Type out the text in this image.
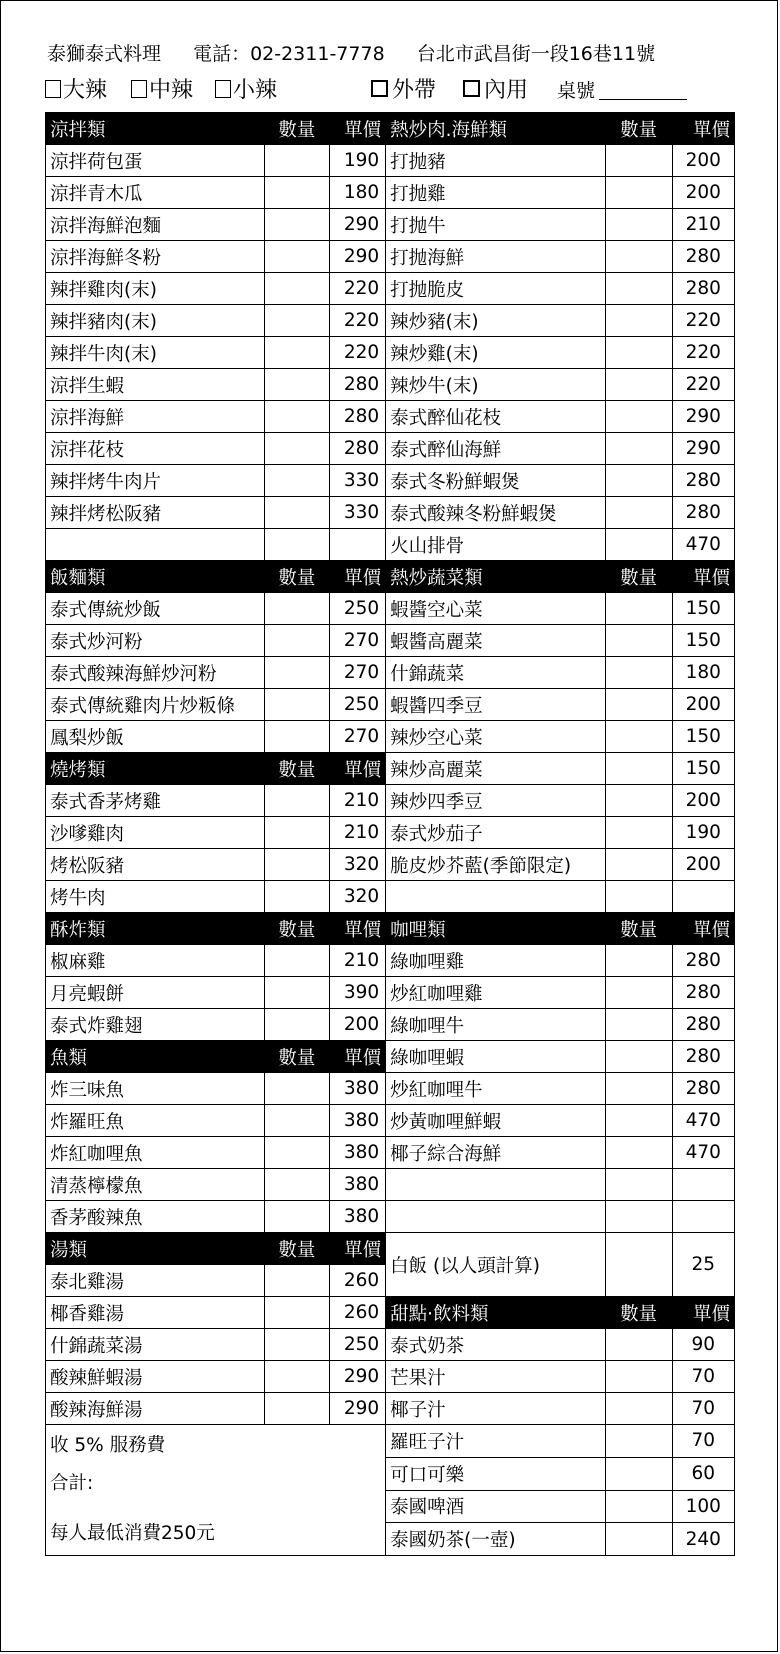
泰獅泰式料理 電話：02-2311-7778 台北市武昌街一段16巷11號
大辣 中辣 小辣	外帶 內用 桌號
涼拌類	數量	單價	熱炒肉.海鮮類	數量	單價
涼拌荷包蛋		190	打抛豬		200
涼拌青木瓜		180	打抛雞		200
涼拌海鮮泡麵		290	打抛牛		210
涼拌海鮮冬粉		290	打抛海鮮		280
辣拌雞肉(末)		220	打抛脆皮		280
辣拌豬肉(末)		220	辣炒豬(末)		220
辣拌牛肉(末)		220	辣炒雞(末)		220
涼拌生蝦		280	辣炒牛(末)		220
涼拌海鮮		280	泰式醉仙花枝		290
涼拌花枝		280	泰式醉仙海鮮		290
辣拌烤牛肉片		330	泰式冬粉鮮蝦煲		280
辣拌烤松阪豬		330	泰式酸辣冬粉鮮蝦煲		280
			火山排骨		470
飯麵類	數量	單價	熱炒蔬菜類	數量	單價
泰式傳統炒飯		250	蝦醬空心菜		150
泰式炒河粉		270	蝦醬高麗菜		150
泰式酸辣海鮮炒河粉		270	什錦蔬菜		180
泰式傳統雞肉片炒粄條		250	蝦醬四季豆		200
鳳梨炒飯		270	辣炒空心菜		150
燒烤類	數量	單價	辣炒高麗菜		150
泰式香茅烤雞		210	辣炒四季豆		200
沙嗲雞肉		210	泰式炒茄子		190
烤松阪豬		320	脆皮炒芥藍(季節限定)		200
烤牛肉		320			
酥炸類	數量	單價	咖哩類	數量	單價
椒麻雞		210	綠咖哩雞		280
月亮蝦餅		390	炒紅咖哩雞		280
泰式炸雞翅		200	綠咖哩牛		280
魚類	數量	單價	綠咖哩蝦		280
炸三味魚		380	炒紅咖哩牛		280
炸羅旺魚		380	炒黃咖哩鮮蝦		470
炸紅咖哩魚		380	椰子綜合海鮮		470
清蒸檸檬魚		380			
香茅酸辣魚		380			
湯類	數量	單價	白飯 (以人頭計算)		25
泰北雞湯		260			
椰香雞湯		260	甜點·飲料類	數量	單價
什錦蔬菜湯		250	泰式奶茶		90
酸辣鮮蝦湯		290	芒果汁		70
酸辣海鮮湯		290	椰子汁		70

收 5% 服務費
合計:
每人最低消費250元			羅旺子汁		70
			可口可樂		60
			泰國啤酒		100
			泰國奶茶(一壺)		240
